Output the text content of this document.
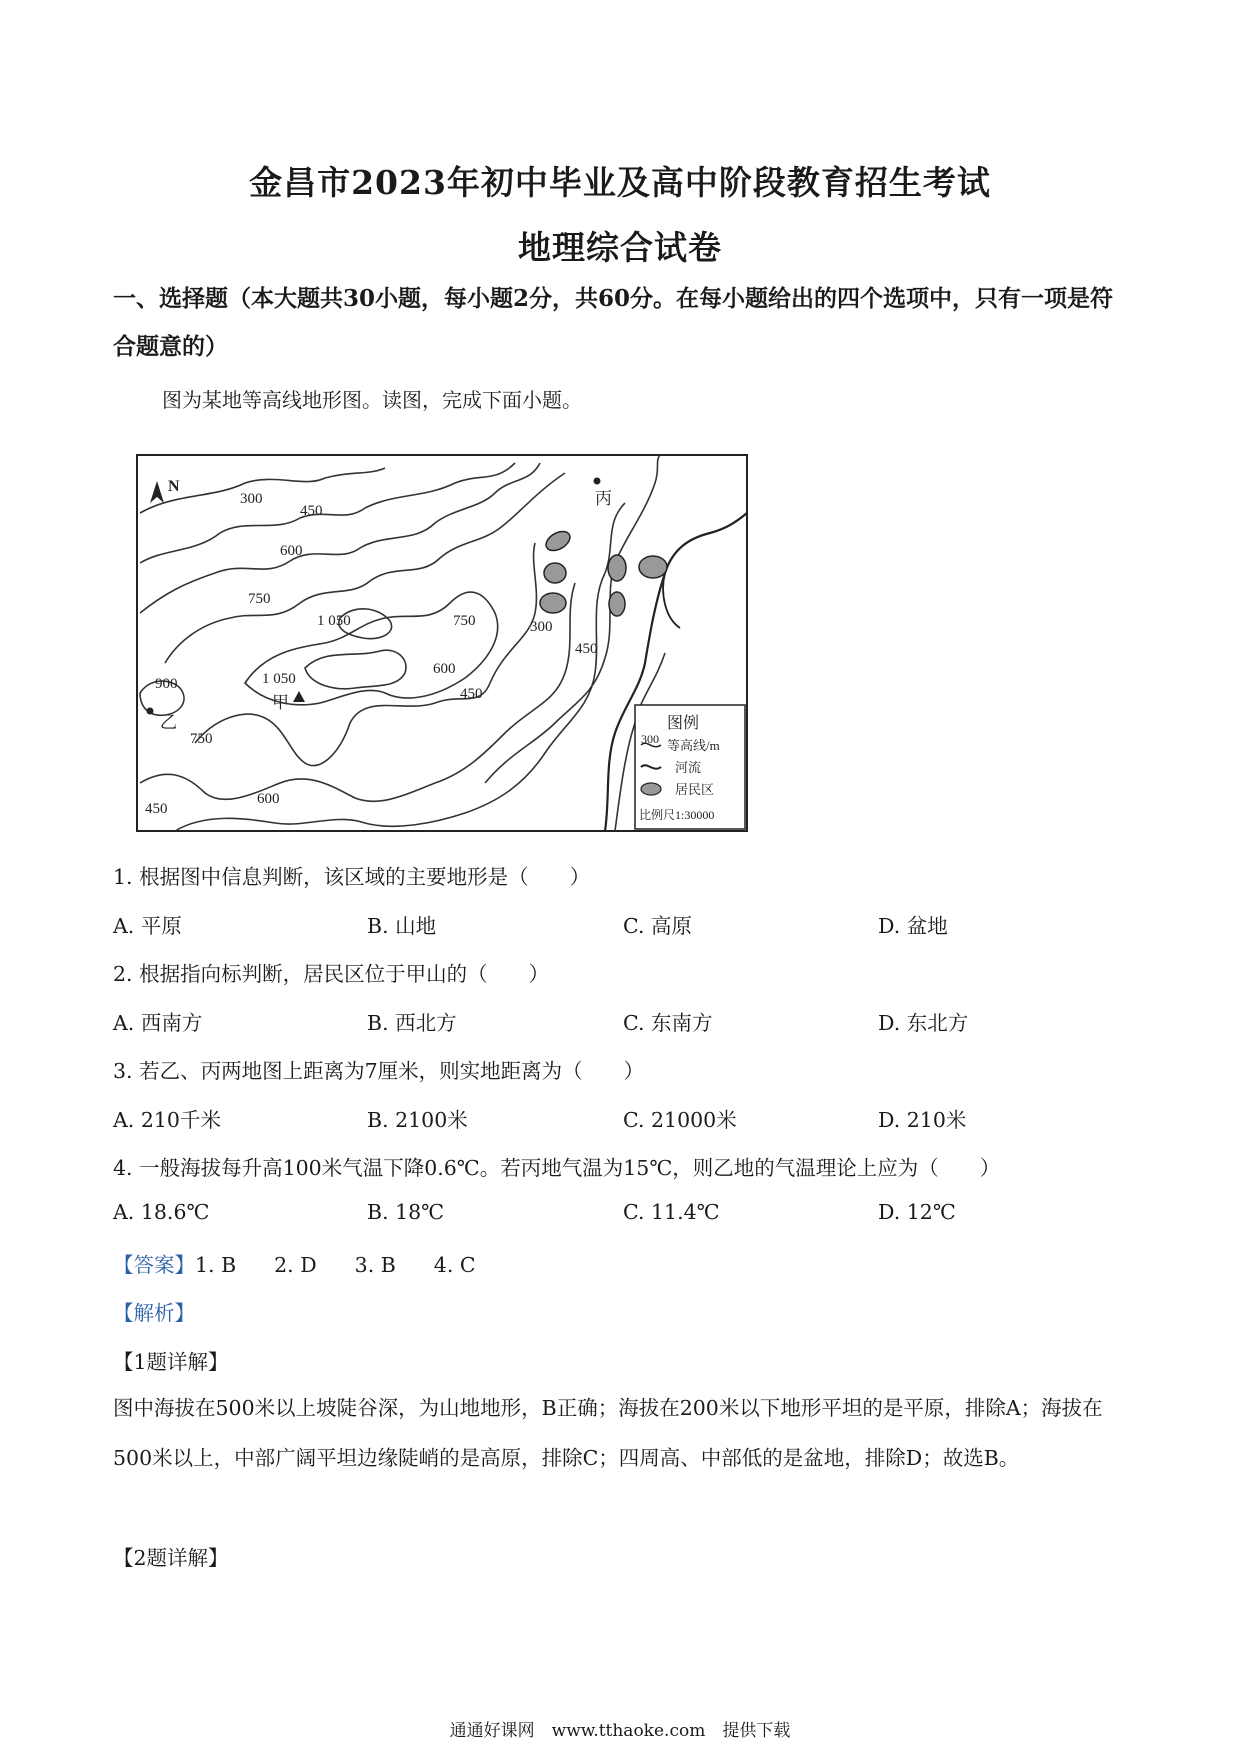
金昌市2023年初中毕业及高中阶段教育招生考试
地理综合试卷
一、选择题（本大题共30小题，每小题2分，共60分。在每小题给出的四个选项中，只有一项是符合题意的）
图为某地等高线地形图。读图，完成下面小题。
N
300
450
600
750
1 050	750
600
450
300
450
1 050
900
750
450
600
甲
乙
丙
图例
300 等高线/m
河流
居民区
比例尺1:30000
1. 根据图中信息判断，该区域的主要地形是（　　）
A. 平原	B. 山地	C. 高原	D. 盆地
2. 根据指向标判断，居民区位于甲山的（　　）
A. 西南方	B. 西北方	C. 东南方	D. 东北方
3. 若乙、丙两地图上距离为7厘米，则实地距离为（　　）
A. 210千米	B. 2100米	C. 21000米	D. 210米
4. 一般海拔每升高100米气温下降0.6℃。若丙地气温为15℃，则乙地的气温理论上应为（　　）
A. 18.6℃	B. 18℃	C. 11.4℃	D. 12℃
【答案】1. B 2. D 3. B 4. C
【解析】
【1题详解】
图中海拔在500米以上坡陡谷深，为山地地形，B正确；海拔在200米以下地形平坦的是平原，排除A；海拔在500米以上，中部广阔平坦边缘陡峭的是高原，排除C；四周高、中部低的是盆地，排除D；故选B。
【2题详解】
通通好课网　www.tthaoke.com　提供下载
